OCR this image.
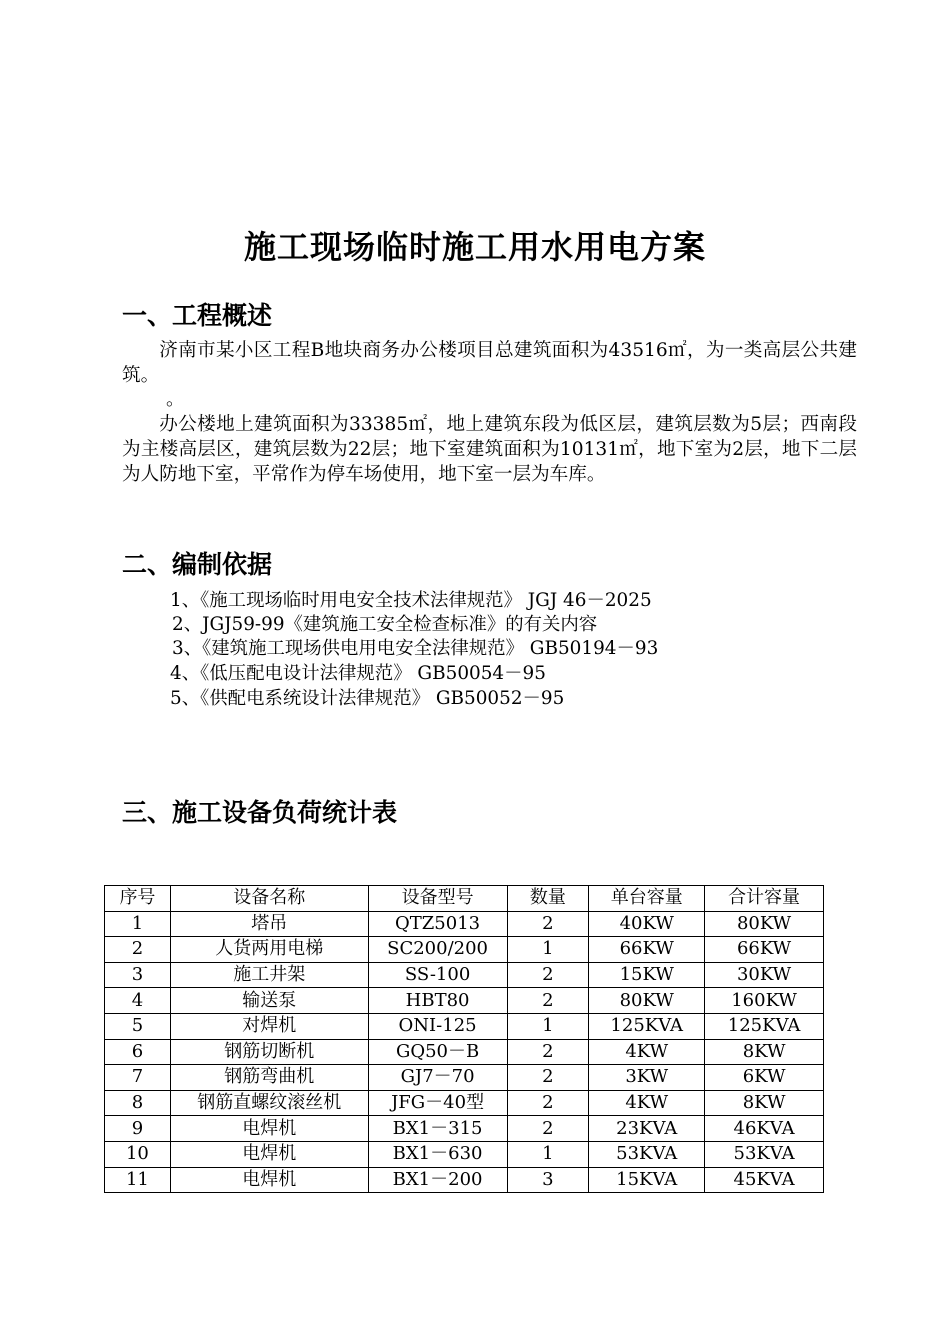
施工现场临时施工用水用电方案
一、工程概述

济南市某小区工程B地块商务办公楼项目总建筑面积为43516㎡，为一类高层公共建筑。

。

办公楼地上建筑面积为33385㎡，地上建筑东段为低区层，建筑层数为5层；西南段为主楼高层区，建筑层数为22层；地下室建筑面积为10131㎡，地下室为2层，地下二层为人防地下室，平常作为停车场使用，地下室一层为车库。

二、编制依据

1、《施工现场临时用电安全技术法律规范》 JGJ 46－2025

2、JGJ59-99《建筑施工安全检查标准》的有关内容

3、《建筑施工现场供电用电安全法律规范》 GB50194－93

4、《低压配电设计法律规范》 GB50054－95

5、《供配电系统设计法律规范》 GB50052－95

三、施工设备负荷统计表
序号	设备名称	设备型号	数量	单台容量	合计容量
1	塔吊	QTZ5013	2	40KW	80KW
2	人货两用电梯	SC200/200	1	66KW	66KW
3	施工井架	SS-100	2	15KW	30KW
4	输送泵	HBT80	2	80KW	160KW
5	对焊机	ONI-125	1	125KVA	125KVA
6	钢筋切断机	GQ50－B	2	4KW	8KW
7	钢筋弯曲机	GJ7－70	2	3KW	6KW
8	钢筋直螺纹滚丝机	JFG－40型	2	4KW	8KW
9	电焊机	BX1－315	2	23KVA	46KVA
10	电焊机	BX1－630	1	53KVA	53KVA
11	电焊机	BX1－200	3	15KVA	45KVA
